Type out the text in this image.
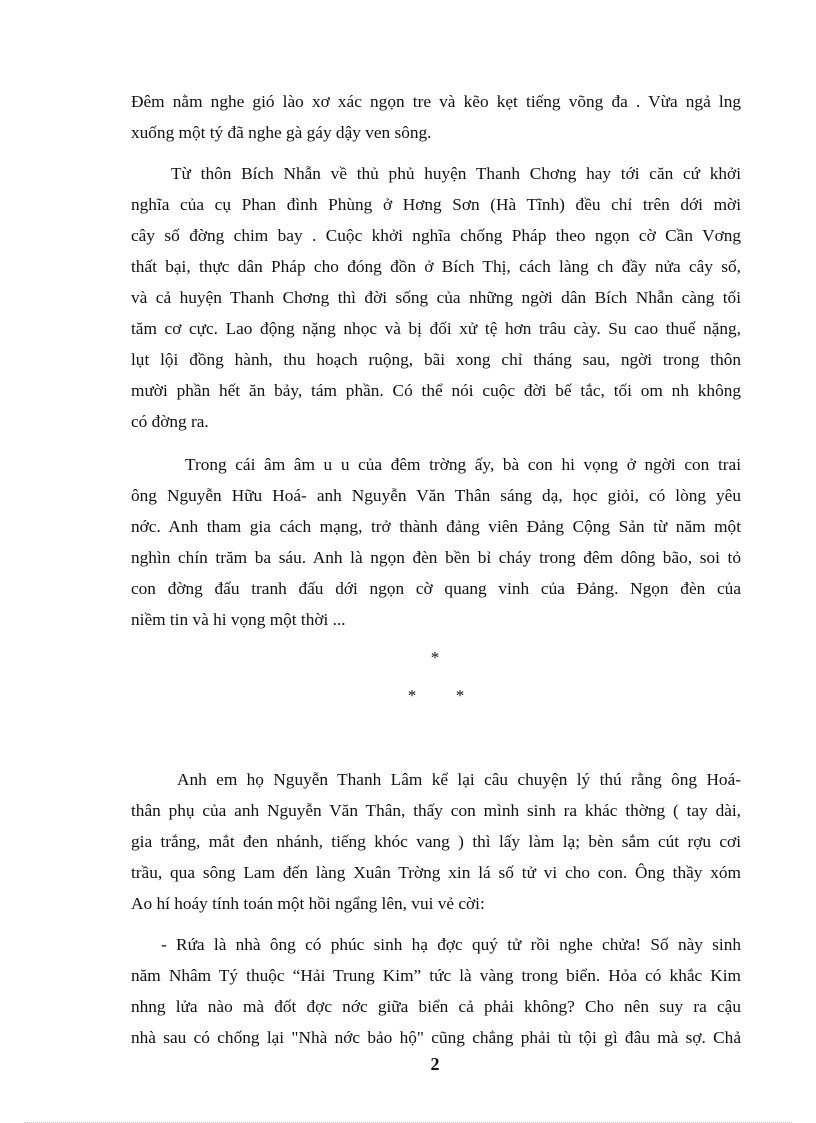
Đêm nằm nghe gió lào xơ xác ngọn tre và kẽo kẹt tiếng võng đa . Vừa ngả lng
xuống một tý đã nghe gà gáy dậy ven sông.
Từ thôn Bích Nhẫn về thủ phủ huyện Thanh Chơng hay tới căn cứ khởi
nghĩa của cụ Phan đình Phùng ở Hơng Sơn (Hà Tĩnh) đều chỉ trên dới mời
cây số đờng chim bay . Cuộc khởi nghĩa chống Pháp theo ngọn cờ Cần Vơng
thất bại, thực dân Pháp cho đóng đồn ở Bích Thị, cách làng ch đầy nửa cây số,
và cả huyện Thanh Chơng thì đời sống của những ngời dân Bích Nhẫn càng tối
tăm cơ cực. Lao động nặng nhọc và bị đối xử tệ hơn trâu cày. Su cao thuế nặng,
lụt lội đồng hành, thu hoạch ruộng, bãi xong chỉ tháng sau, ngời trong thôn
mười phần hết ăn bảy, tám phần. Có thể nói cuộc đời bế tắc, tối om nh không
có đờng ra.
Trong cái âm âm u u của đêm trờng ấy, bà con hi vọng ở ngời con trai
ông Nguyễn Hữu Hoá- anh Nguyễn Văn Thân sáng dạ, học giỏi, có lòng yêu
nớc. Anh tham gia cách mạng, trở thành đảng viên Đảng Cộng Sản từ năm một
nghìn chín trăm ba sáu. Anh là ngọn đèn bền bỉ cháy trong đêm dông bão, soi tỏ
con đờng đấu tranh đấu dới ngọn cờ quang vinh của Đảng. Ngọn đèn của
niềm tin và hi vọng một thời ...
*
*	*
Anh em họ Nguyễn Thanh Lâm kể lại câu chuyện lý thú rằng ông Hoá-
thân phụ của anh Nguyễn Văn Thân, thấy con mình sinh ra khác thờng ( tay dài,
gia trắng, mắt đen nhánh, tiếng khóc vang ) thì lấy làm lạ; bèn sắm cút rợu cơi
trầu, qua sông Lam đến làng Xuân Trờng xin lá số tử vi cho con. Ông thầy xóm
Ao hí hoáy tính toán một hồi ngẩng lên, vui vẻ cời:
- Rứa là nhà ông có phúc sinh hạ đợc quý tử rồi nghe chửa! Số này sinh
năm Nhâm Tý thuộc “Hải Trung Kim” tức là vàng trong biển. Hỏa có khắc Kim
nhng lửa nào mà đốt đợc nớc giữa biển cả phải không? Cho nên suy ra cậu
nhà sau có chống lại "Nhà nớc bảo hộ" cũng chẳng phải tù tội gì đâu mà sợ. Chả
2
